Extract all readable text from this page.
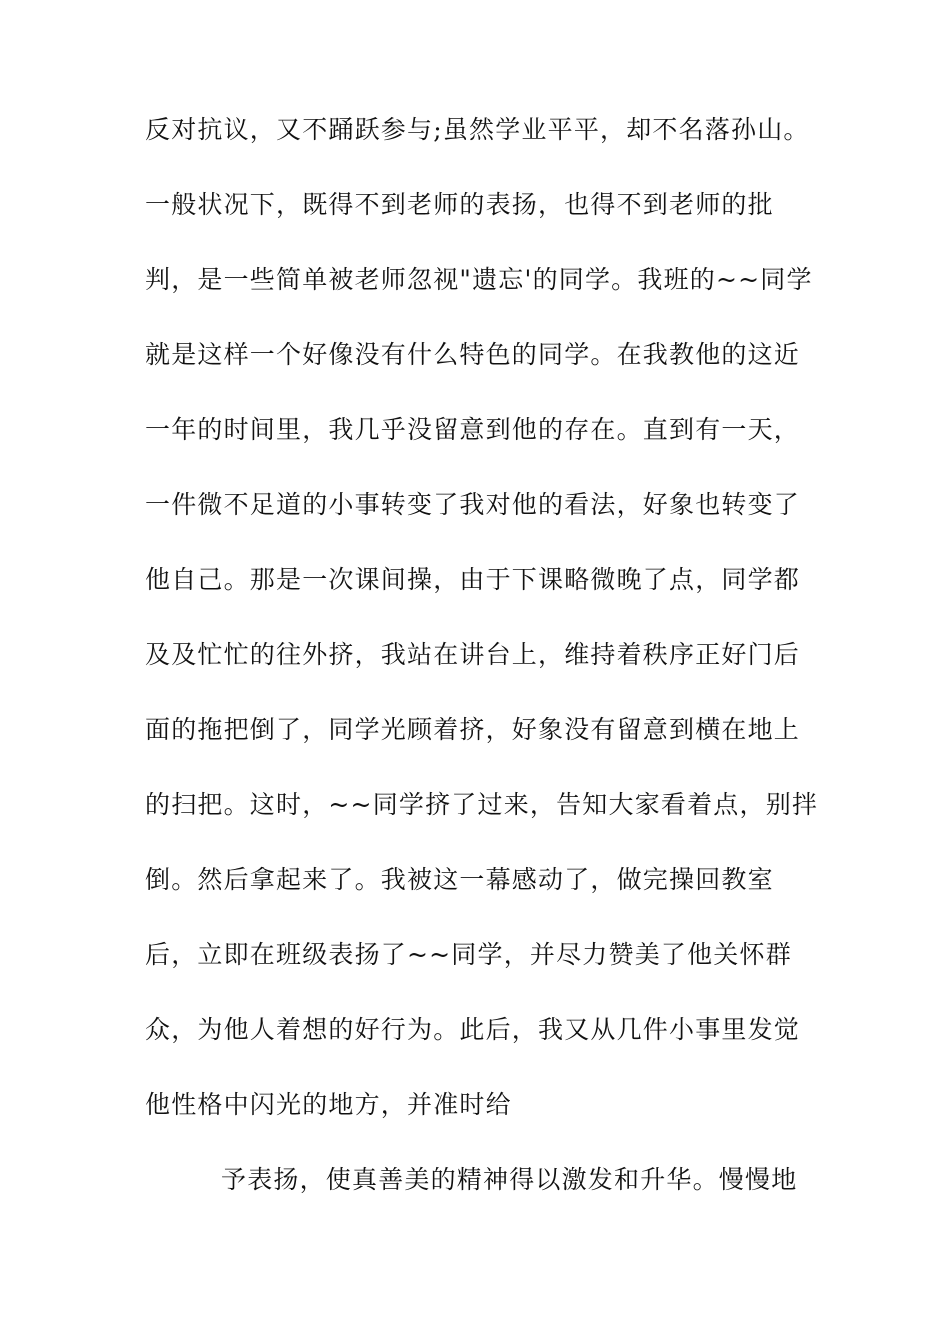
反对抗议，又不踊跃参与;虽然学业平平，却不名落孙山。
一般状况下，既得不到老师的表扬，也得不到老师的批
判，是一些简单被老师忽视"遗忘'的同学。我班的~~同学
就是这样一个好像没有什么特色的同学。在我教他的这近
一年的时间里，我几乎没留意到他的存在。直到有一天，
一件微不足道的小事转变了我对他的看法，好象也转变了
他自己。那是一次课间操，由于下课略微晚了点，同学都
及及忙忙的往外挤，我站在讲台上，维持着秩序正好门后
面的拖把倒了，同学光顾着挤，好象没有留意到横在地上
的扫把。这时，~~同学挤了过来，告知大家看着点，别拌
倒。然后拿起来了。我被这一幕感动了，做完操回教室
后，立即在班级表扬了~~同学，并尽力赞美了他关怀群
众，为他人着想的好行为。此后，我又从几件小事里发觉
他性格中闪光的地方，并准时给
予表扬，使真善美的精神得以激发和升华。慢慢地
